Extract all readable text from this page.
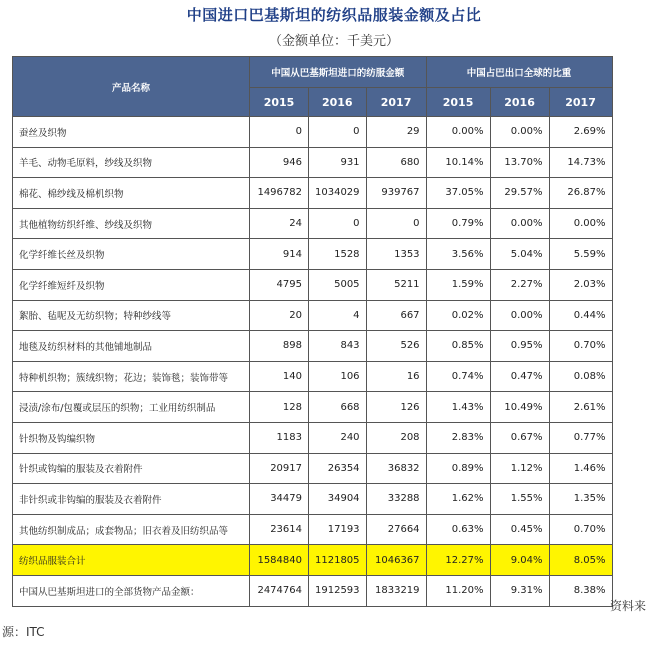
中国进口巴基斯坦的纺织品服装金额及占比
（金额单位：千美元）
产品名称	中国从巴基斯坦进口的纺服金额			中国占巴出口全球的比重		
	2015	2016	2017	2015	2016	2017
蚕丝及织物	0	0	29	0.00%	0.00%	2.69%
羊毛、动物毛原料，纱线及织物	946	931	680	10.14%	13.70%	14.73%
棉花、棉纱线及棉机织物	1496782	1034029	939767	37.05%	29.57%	26.87%
其他植物纺织纤维、纱线及织物	24	0	0	0.79%	0.00%	0.00%
化学纤维长丝及织物	914	1528	1353	3.56%	5.04%	5.59%
化学纤维短纤及织物	4795	5005	5211	1.59%	2.27%	2.03%
絮胎、毡呢及无纺织物；特种纱线等	20	4	667	0.02%	0.00%	0.44%
地毯及纺织材料的其他铺地制品	898	843	526	0.85%	0.95%	0.70%
特种机织物；簇绒织物；花边；装饰毯；装饰带等	140	106	16	0.74%	0.47%	0.08%
浸渍/涂布/包覆或层压的织物；工业用纺织制品	128	668	126	1.43%	10.49%	2.61%
针织物及钩编织物	1183	240	208	2.83%	0.67%	0.77%
针织或钩编的服装及衣着附件	20917	26354	36832	0.89%	1.12%	1.46%
非针织或非钩编的服装及衣着附件	34479	34904	33288	1.62%	1.55%	1.35%
其他纺织制成品；成套物品；旧衣着及旧纺织品等	23614	17193	27664	0.63%	0.45%	0.70%
纺织品服装合计	1584840	1121805	1046367	12.27%	9.04%	8.05%
中国从巴基斯坦进口的全部货物产品金额：	2474764	1912593	1833219	11.20%	9.31%	8.38%
资料来
源：ITC
